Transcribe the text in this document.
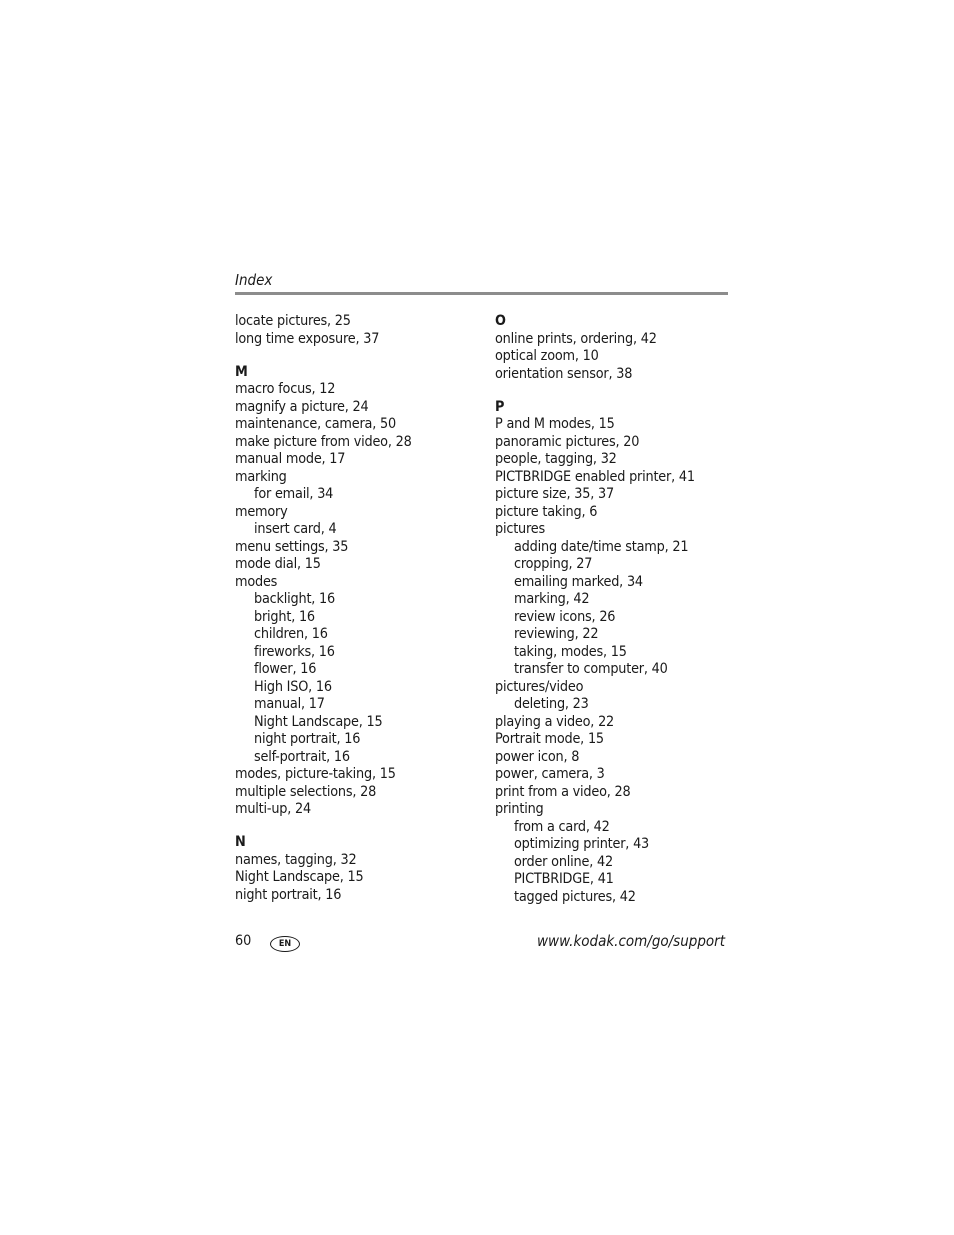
Index
locate pictures, 25
long time exposure, 37
M
macro focus, 12
magnify a picture, 24
maintenance, camera, 50
make picture from video, 28
manual mode, 17
marking
for email, 34
memory
insert card, 4
menu settings, 35
mode dial, 15
modes
backlight, 16
bright, 16
children, 16
fireworks, 16
flower, 16
High ISO, 16
manual, 17
Night Landscape, 15
night portrait, 16
self-portrait, 16
modes, picture-taking, 15
multiple selections, 28
multi-up, 24
N
names, tagging, 32
Night Landscape, 15
night portrait, 16
O
online prints, ordering, 42
optical zoom, 10
orientation sensor, 38
P
P and M modes, 15
panoramic pictures, 20
people, tagging, 32
PICTBRIDGE enabled printer, 41
picture size, 35, 37
picture taking, 6
pictures
adding date/time stamp, 21
cropping, 27
emailing marked, 34
marking, 42
review icons, 26
reviewing, 22
taking, modes, 15
transfer to computer, 40
pictures/video
deleting, 23
playing a video, 22
Portrait mode, 15
power icon, 8
power, camera, 3
print from a video, 28
printing
from a card, 42
optimizing printer, 43
order online, 42
PICTBRIDGE, 41
tagged pictures, 42
60	EN	www.kodak.com/go/support
